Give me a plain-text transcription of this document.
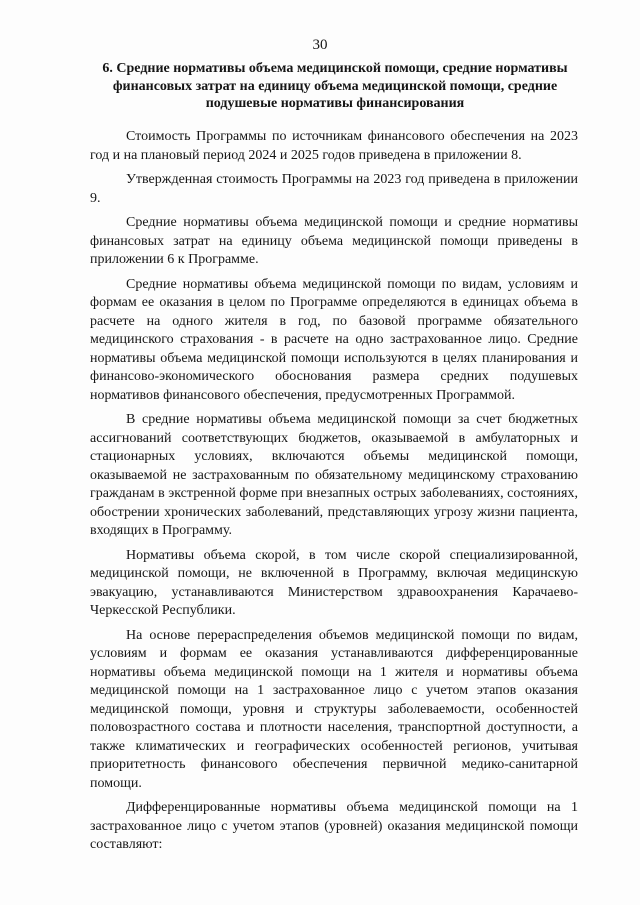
30
6. Средние нормативы объема медицинской помощи, средние нормативы финансовых затрат на единицу объема медицинской помощи, средние подушевые нормативы финансирования

Стоимость Программы по источникам финансового обеспечения на 2023 год и на плановый период 2024 и 2025 годов приведена в приложении 8.

Утвержденная стоимость Программы на 2023 год приведена в приложении 9.

Средние нормативы объема медицинской помощи и средние нормативы финансовых затрат на единицу объема медицинской помощи приведены в приложении 6 к Программе.

Средние нормативы объема медицинской помощи по видам, условиям и формам ее оказания в целом по Программе определяются в единицах объема в расчете на одного жителя в год, по базовой программе обязательного медицинского страхования - в расчете на одно застрахованное лицо. Средние нормативы объема медицинской помощи используются в целях планирования и финансово-экономического обоснования размера средних подушевых нормативов финансового обеспечения, предусмотренных Программой.

В средние нормативы объема медицинской помощи за счет бюджетных ассигнований соответствующих бюджетов, оказываемой в амбулаторных и стационарных условиях, включаются объемы медицинской помощи, оказываемой не застрахованным по обязательному медицинскому страхованию гражданам в экстренной форме при внезапных острых заболеваниях, состояниях, обострении хронических заболеваний, представляющих угрозу жизни пациента, входящих в Программу.

Нормативы объема скорой, в том числе скорой специализированной, медицинской помощи, не включенной в Программу, включая медицинскую эвакуацию, устанавливаются Министерством здравоохранения Карачаево-Черкесской Республики.

На основе перераспределения объемов медицинской помощи по видам, условиям и формам ее оказания устанавливаются дифференцированные нормативы объема медицинской помощи на 1 жителя и нормативы объема медицинской помощи на 1 застрахованное лицо с учетом этапов оказания медицинской помощи, уровня и структуры заболеваемости, особенностей половозрастного состава и плотности населения, транспортной доступности, а также климатических и географических особенностей регионов, учитывая приоритетность финансового обеспечения первичной медико-санитарной помощи.

Дифференцированные нормативы объема медицинской помощи на 1 застрахованное лицо с учетом этапов (уровней) оказания медицинской помощи составляют:
